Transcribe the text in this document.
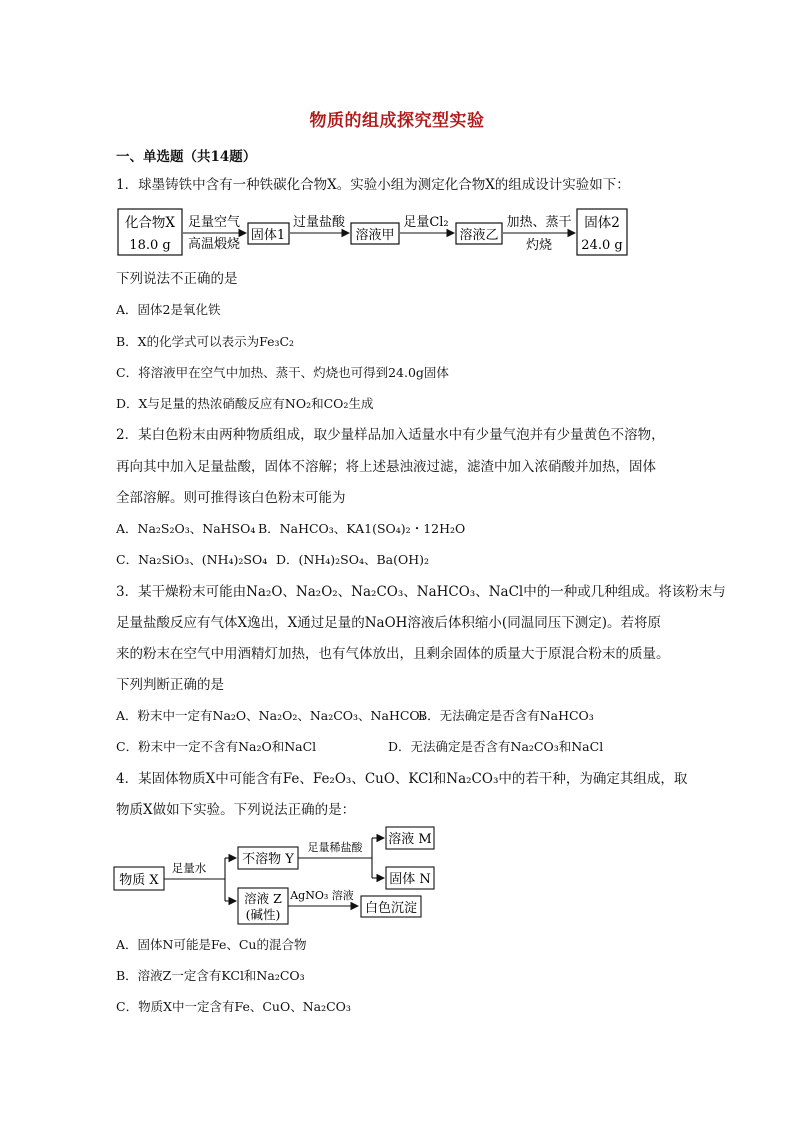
物质的组成探究型实验
一、单选题（共14题）
1．球墨铸铁中含有一种铁碳化合物X。实验小组为测定化合物X的组成设计实验如下：
化合物X
18.0 g
足量空气
高温煅烧
固体1
过量盐酸
溶液甲
足量Cl₂
溶液乙
加热、蒸干
灼烧
固体2
24.0 g
下列说法不正确的是
A．固体2是氧化铁
B．X的化学式可以表示为Fe₃C₂
C．将溶液甲在空气中加热、蒸干、灼烧也可得到24.0g固体
D．X与足量的热浓硝酸反应有NO₂和CO₂生成
2．某白色粉末由两种物质组成，取少量样品加入适量水中有少量气泡并有少量黄色不溶物，
再向其中加入足量盐酸，固体不溶解；将上述悬浊液过滤，滤渣中加入浓硝酸并加热，固体
全部溶解。则可推得该白色粉末可能为
A．Na₂S₂O₃、NaHSO₄ B．NaHCO₃、KA1(SO₄)₂・12H₂O
C．Na₂SiO₃、(NH₄)₂SO₄ D．(NH₄)₂SO₄、Ba(OH)₂
3．某干燥粉末可能由Na₂O、Na₂O₂、Na₂CO₃、NaHCO₃、NaCl中的一种或几种组成。将该粉末与
足量盐酸反应有气体X逸出，X通过足量的NaOH溶液后体积缩小(同温同压下测定)。若将原
来的粉末在空气中用酒精灯加热，也有气体放出，且剩余固体的质量大于原混合粉末的质量。
下列判断正确的是
A．粉末中一定有Na₂O、Na₂O₂、Na₂CO₃、NaHCO₃
B．无法确定是否含有NaHCO₃
C．粉末中一定不含有Na₂O和NaCl	D．无法确定是否含有Na₂CO₃和NaCl
4．某固体物质X中可能含有Fe、Fe₂O₃、CuO、KCl和Na₂CO₃中的若干种，为确定其组成，取
物质X做如下实验。下列说法正确的是：
物质 X
足量水
不溶物 Y
足量稀盐酸
溶液 M
固体 N
溶液 Z
(碱性)
AgNO₃ 溶液
白色沉淀
A．固体N可能是Fe、Cu的混合物
B．溶液Z一定含有KCl和Na₂CO₃
C．物质X中一定含有Fe、CuO、Na₂CO₃
